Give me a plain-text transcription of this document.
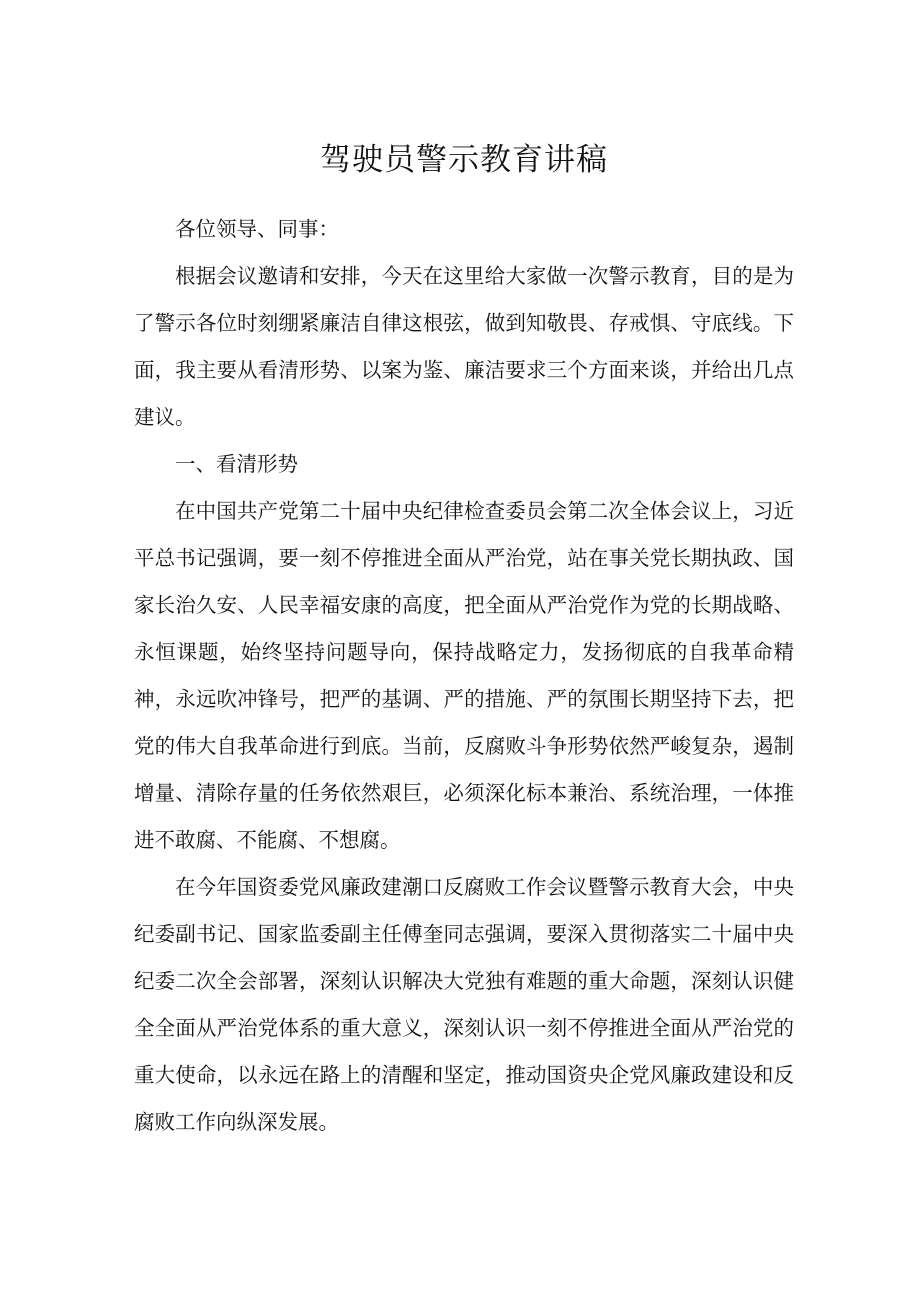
驾驶员警示教育讲稿

各位领导、同事：

根据会议邀请和安排，今天在这里给大家做一次警示教育，目的是为了警示各位时刻绷紧廉洁自律这根弦，做到知敬畏、存戒惧、守底线。下面，我主要从看清形势、以案为鉴、廉洁要求三个方面来谈，并给出几点建议。

一、看清形势

在中国共产党第二十届中央纪律检查委员会第二次全体会议上，习近平总书记强调，要一刻不停推进全面从严治党，站在事关党长期执政、国家长治久安、人民幸福安康的高度，把全面从严治党作为党的长期战略、永恒课题，始终坚持问题导向，保持战略定力，发扬彻底的自我革命精神，永远吹冲锋号，把严的基调、严的措施、严的氛围长期坚持下去，把党的伟大自我革命进行到底。当前，反腐败斗争形势依然严峻复杂，遏制增量、清除存量的任务依然艰巨，必须深化标本兼治、系统治理，一体推进不敢腐、不能腐、不想腐。

在今年国资委党风廉政建潮口反腐败工作会议暨警示教育大会，中央纪委副书记、国家监委副主任傅奎同志强调，要深入贯彻落实二十届中央纪委二次全会部署，深刻认识解决大党独有难题的重大命题，深刻认识健全全面从严治党体系的重大意义，深刻认识一刻不停推进全面从严治党的重大使命，以永远在路上的清醒和坚定，推动国资央企党风廉政建设和反腐败工作向纵深发展。
